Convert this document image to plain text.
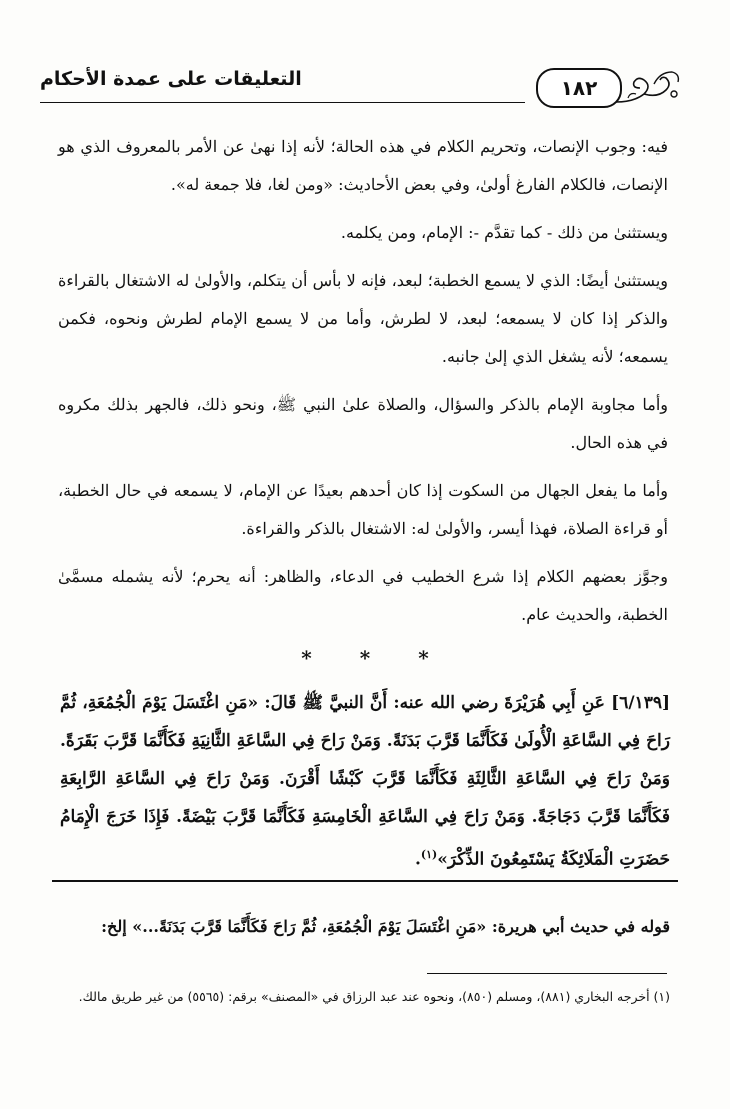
التعليقات على عمدة الأحكام	١٨٢

فيه: وجوب الإنصات، وتحريم الكلام في هذه الحالة؛ لأنه إذا نهىٰ عن الأمر بالمعروف الذي هو الإنصات، فالكلام الفارغ أولىٰ، وفي بعض الأحاديث: «ومن لغا، فلا جمعة له».

ويستثنىٰ من ذلك - كما تقدَّم -: الإمام، ومن يكلمه.

ويستثنىٰ أيضًا: الذي لا يسمع الخطبة؛ لبعد، فإنه لا بأس أن يتكلم، والأولىٰ له الاشتغال بالقراءة والذكر إذا كان لا يسمعه؛ لبعد، لا لطرش، وأما من لا يسمع الإمام لطرش ونحوه، فكمن يسمعه؛ لأنه يشغل الذي إلىٰ جانبه.

وأما مجاوبة الإمام بالذكر والسؤال، والصلاة علىٰ النبي ﷺ، ونحو ذلك، فالجهر بذلك مكروه في هذه الحال.

وأما ما يفعل الجهال من السكوت إذا كان أحدهم بعيدًا عن الإمام، لا يسمعه في حال الخطبة، أو قراءة الصلاة، فهذا أيسر، والأولىٰ له: الاشتغال بالذكر والقراءة.

وجوَّز بعضهم الكلام إذا شرع الخطيب في الدعاء، والظاهر: أنه يحرم؛ لأنه يشمله مسمَّىٰ الخطبة، والحديث عام.

*
*
*
[٦/١٣٩] عَنِ أَبِي هُرَيْرَةَ رضي الله عنه: أَنَّ النبيَّ ﷺ قَالَ: «مَنِ اغْتَسَلَ يَوْمَ الْجُمُعَةِ، ثُمَّ رَاحَ فِي السَّاعَةِ الْأُولَىٰ فَكَأَنَّمَا قَرَّبَ بَدَنَةً. وَمَنْ رَاحَ فِي السَّاعَةِ الثَّانِيَةِ فَكَأَنَّمَا قَرَّبَ بَقَرَةً. وَمَنْ رَاحَ فِي السَّاعَةِ الثَّالِثَةِ فَكَأَنَّمَا قَرَّبَ كَبْشًا أَقْرَنَ. وَمَنْ رَاحَ فِي السَّاعَةِ الرَّابِعَةِ فَكَأَنَّمَا قَرَّبَ دَجَاجَةً. وَمَنْ رَاحَ فِي السَّاعَةِ الْخَامِسَةِ فَكَأَنَّمَا قَرَّبَ بَيْضَةً. فَإِذَا خَرَجَ الْإِمَامُ حَضَرَتِ الْمَلَائِكَةُ يَسْتَمِعُونَ الذِّكْرَ»$^{(١)}$.
قوله في حديث أبي هريرة: «مَنِ اغْتَسَلَ يَوْمَ الْجُمُعَةِ، ثُمَّ رَاحَ فَكَأَنَّمَا قَرَّبَ بَدَنَةً...» إلخ:
(١) أخرجه البخاري (٨٨١)، ومسلم (٨٥٠)، ونحوه عند عبد الرزاق في «المصنف» برقم: (٥٥٦٥) من غير طريق مالك.
